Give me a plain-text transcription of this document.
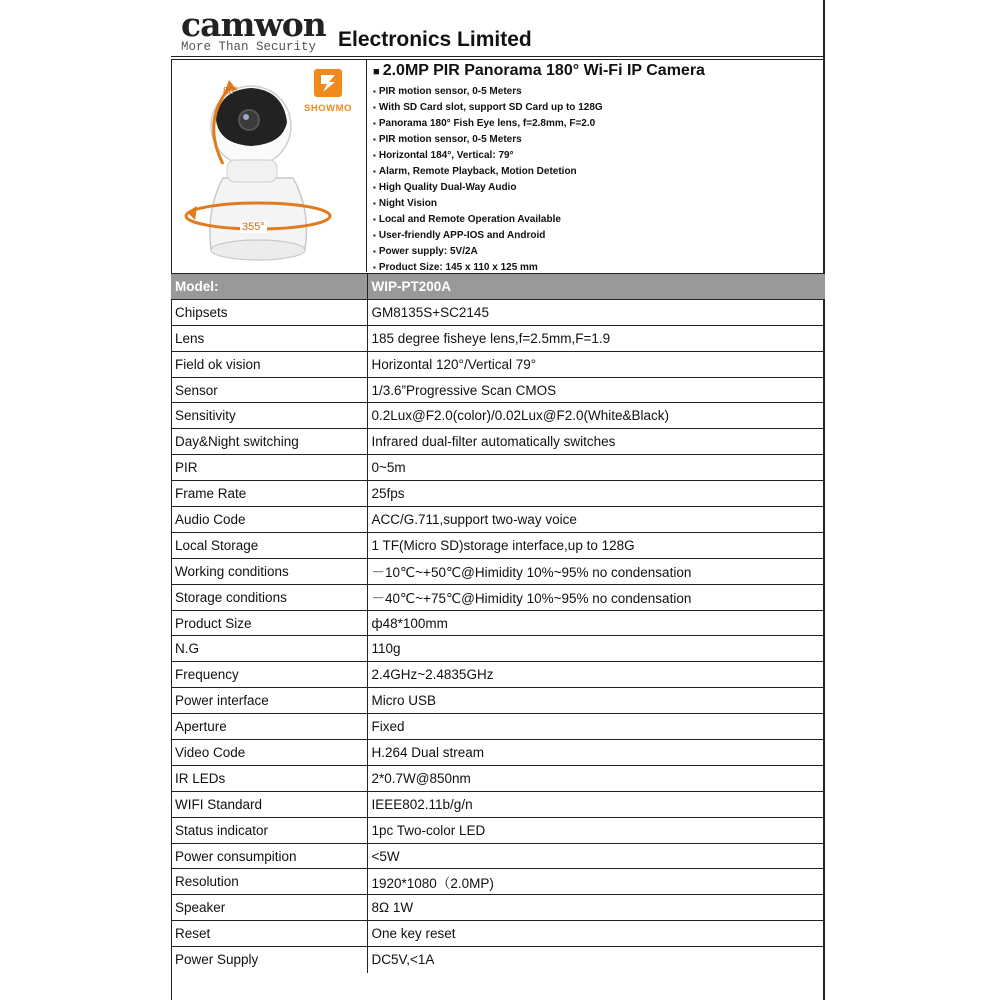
camwon
More Than Security Electronics Limited
80°
355°
SHOWMO
■ 2.0MP PIR Panorama 180° Wi-Fi IP Camera
▪ PIR motion sensor, 0-5 Meters
▪ With SD Card slot, support SD Card up to 128G
▪ Panorama 180° Fish Eye lens, f=2.8mm, F=2.0
▪ PIR motion sensor, 0-5 Meters
▪ Horizontal 184°, Vertical: 79°
▪ Alarm, Remote Playback, Motion Detetion
▪ High Quality Dual-Way Audio
▪ Night Vision
▪ Local and Remote Operation Available
▪ User-friendly APP-IOS and Android
▪ Power supply: 5V/2A
▪ Product Size: 145 x 110 x 125 mm
Model:	WIP-PT200A
Chipsets	GM8135S+SC2145
Lens	185 degree fisheye lens,f=2.5mm,F=1.9
Field ok vision	Horizontal 120°/Vertical 79°
Sensor	1/3.6”Progressive Scan CMOS
Sensitivity	0.2Lux@F2.0(color)/0.02Lux@F2.0(White&Black)
Day&Night switching	Infrared dual-filter automatically switches
PIR	0~5m
Frame Rate	25fps
Audio Code	ACC/G.711,support two-way voice
Local Storage	1 TF(Micro SD)storage interface,up to 128G
Working conditions	－10℃~+50℃@Himidity 10%~95% no condensation
Storage conditions	－40℃~+75℃@Himidity 10%~95% no condensation
Product Size	ф48*100mm
N.G	110g
Frequency	2.4GHz~2.4835GHz
Power interface	Micro USB
Aperture	Fixed
Video Code	H.264 Dual stream
IR LEDs	2*0.7W@850nm
WIFI Standard	IEEE802.11b/g/n
Status indicator	1pc Two-color LED
Power consumpition	<5W
Resolution	1920*1080（2.0MP)
Speaker	8Ω 1W
Reset	One key reset
Power Supply	DC5V,<1A
